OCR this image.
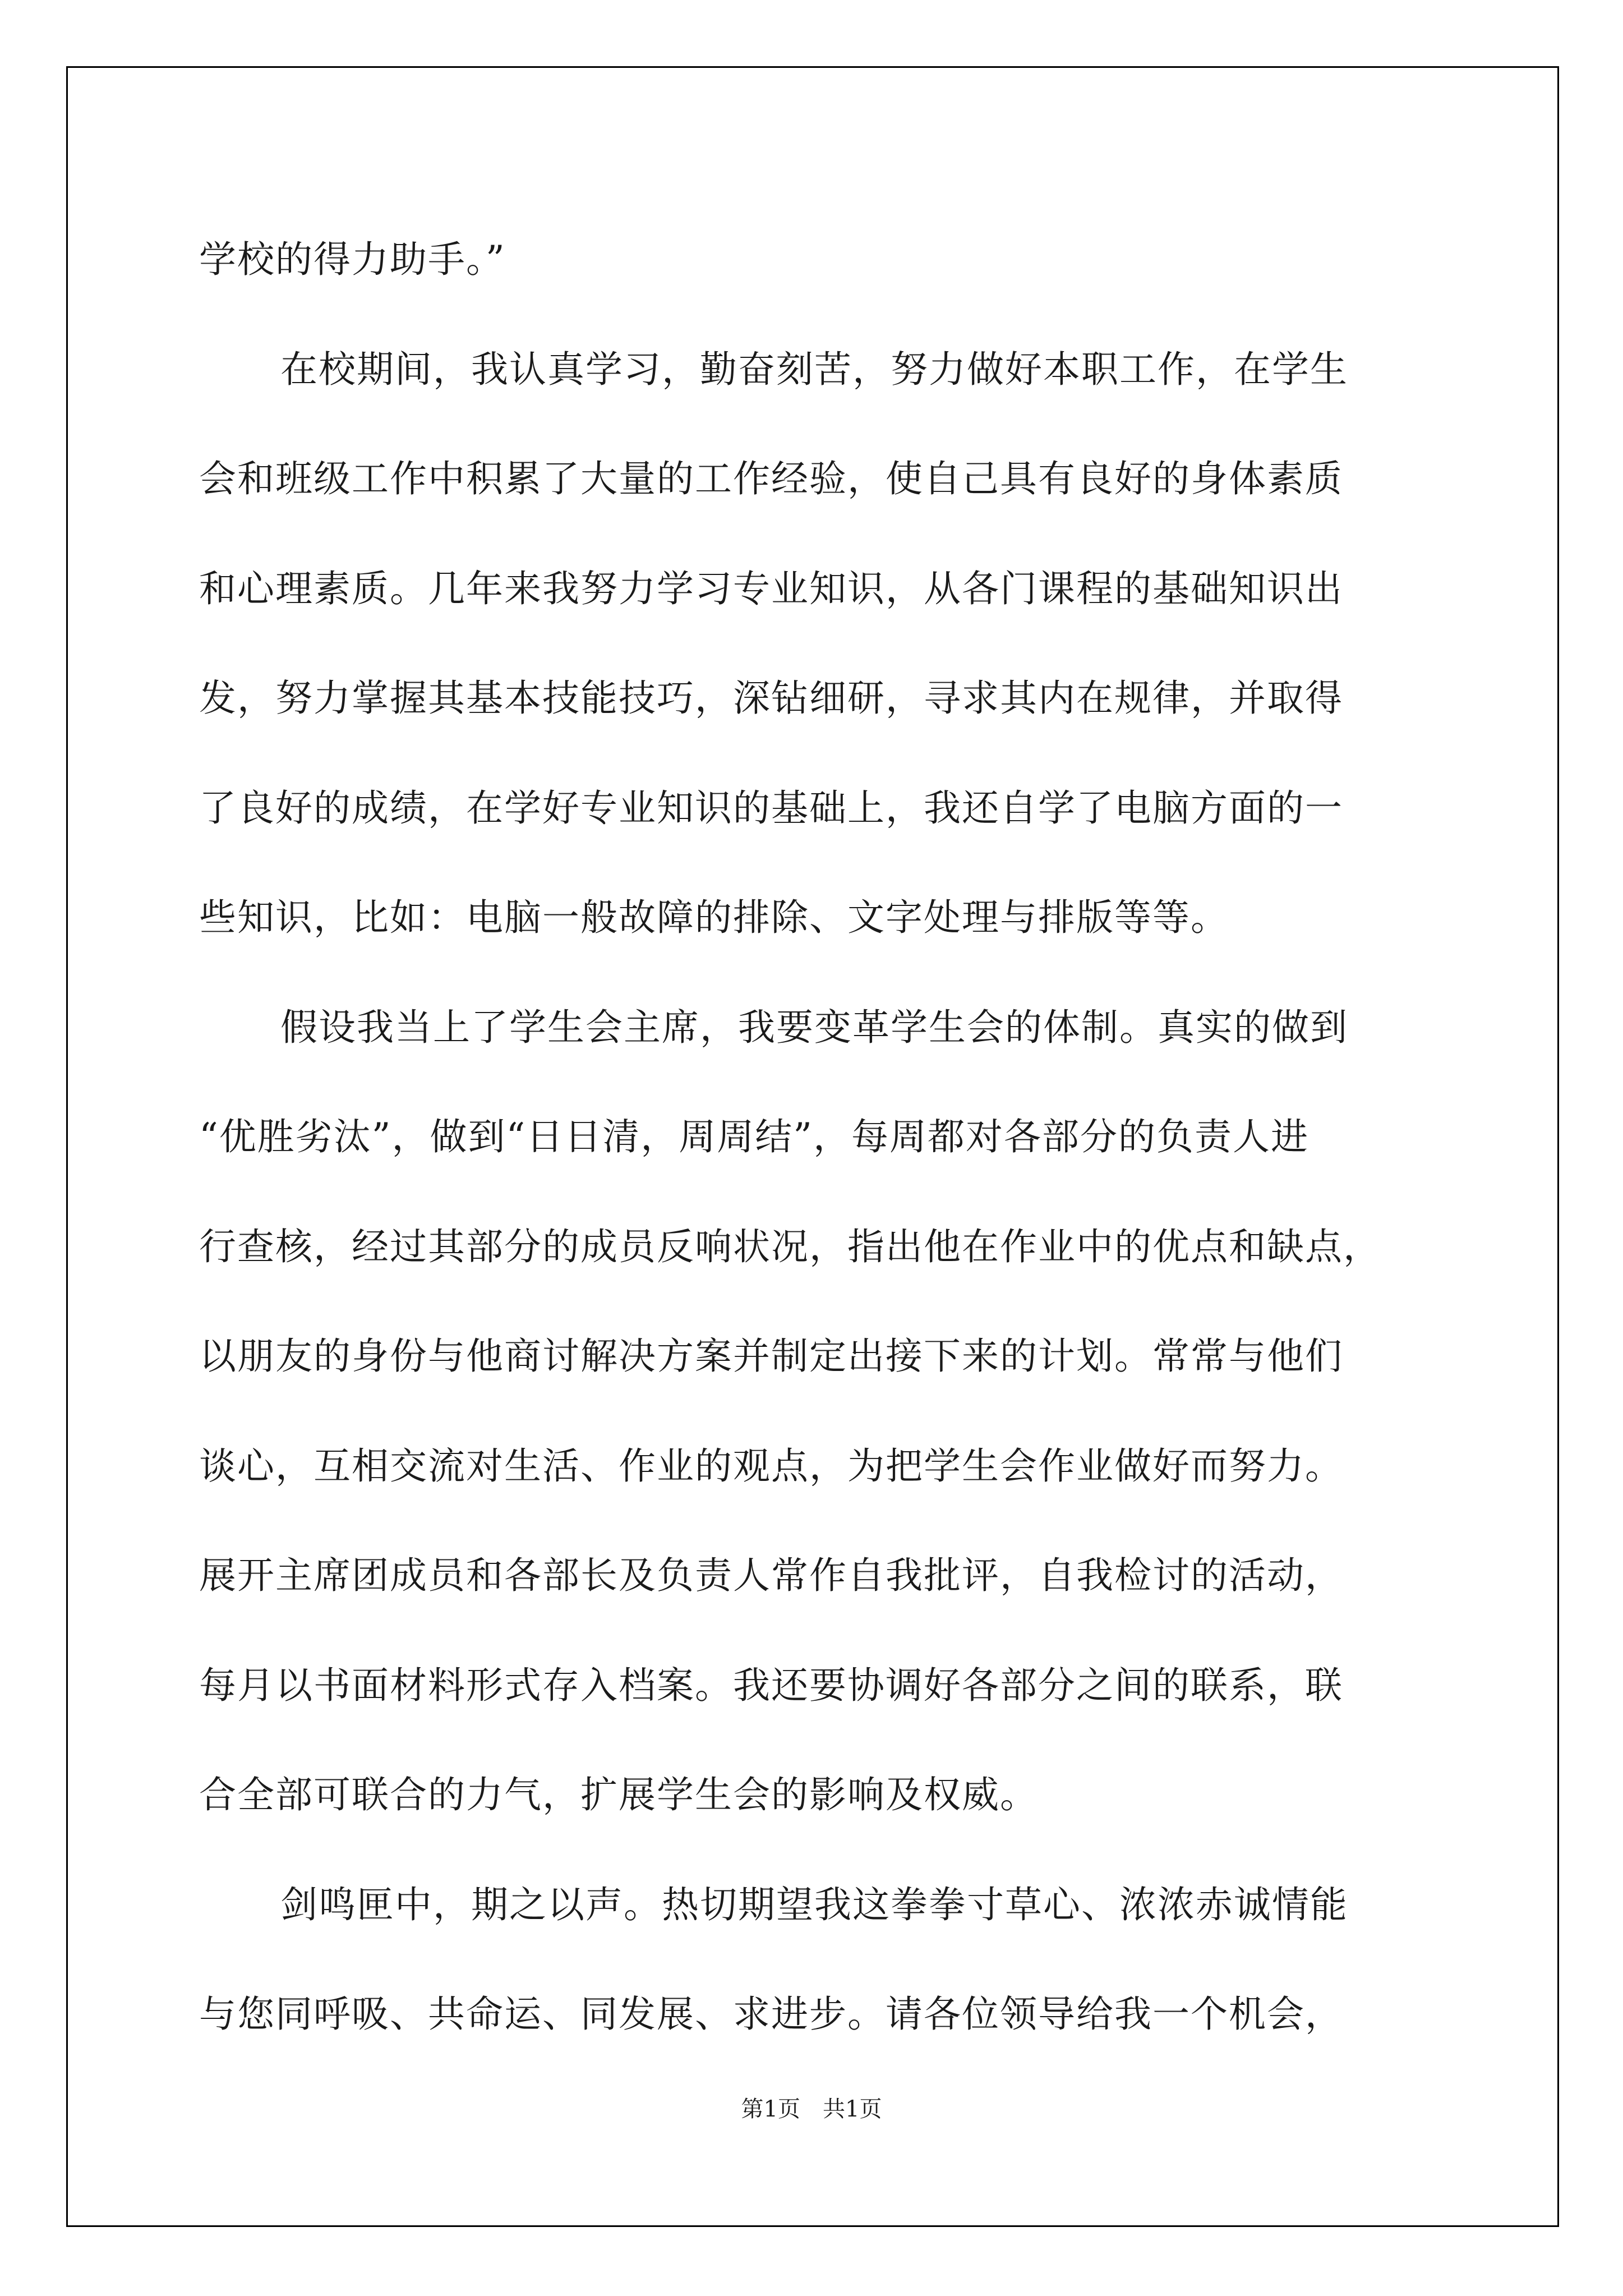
学校的得力助手。”
在校期间，我认真学习，勤奋刻苦，努力做好本职工作，在学生
会和班级工作中积累了大量的工作经验，使自己具有良好的身体素质
和心理素质。几年来我努力学习专业知识，从各门课程的基础知识出
发，努力掌握其基本技能技巧，深钻细研，寻求其内在规律，并取得
了良好的成绩，在学好专业知识的基础上，我还自学了电脑方面的一
些知识，比如：电脑一般故障的排除、文字处理与排版等等。
假设我当上了学生会主席，我要变革学生会的体制。真实的做到
“优胜劣汰”，做到“日日清，周周结”，每周都对各部分的负责人进
行查核，经过其部分的成员反响状况，指出他在作业中的优点和缺点，
以朋友的身份与他商讨解决方案并制定出接下来的计划。常常与他们
谈心，互相交流对生活、作业的观点，为把学生会作业做好而努力。
展开主席团成员和各部长及负责人常作自我批评，自我检讨的活动，
每月以书面材料形式存入档案。我还要协调好各部分之间的联系，联
合全部可联合的力气，扩展学生会的影响及权威。
剑鸣匣中，期之以声。热切期望我这拳拳寸草心、浓浓赤诚情能
与您同呼吸、共命运、同发展、求进步。请各位领导给我一个机会，
第1页 共1页
